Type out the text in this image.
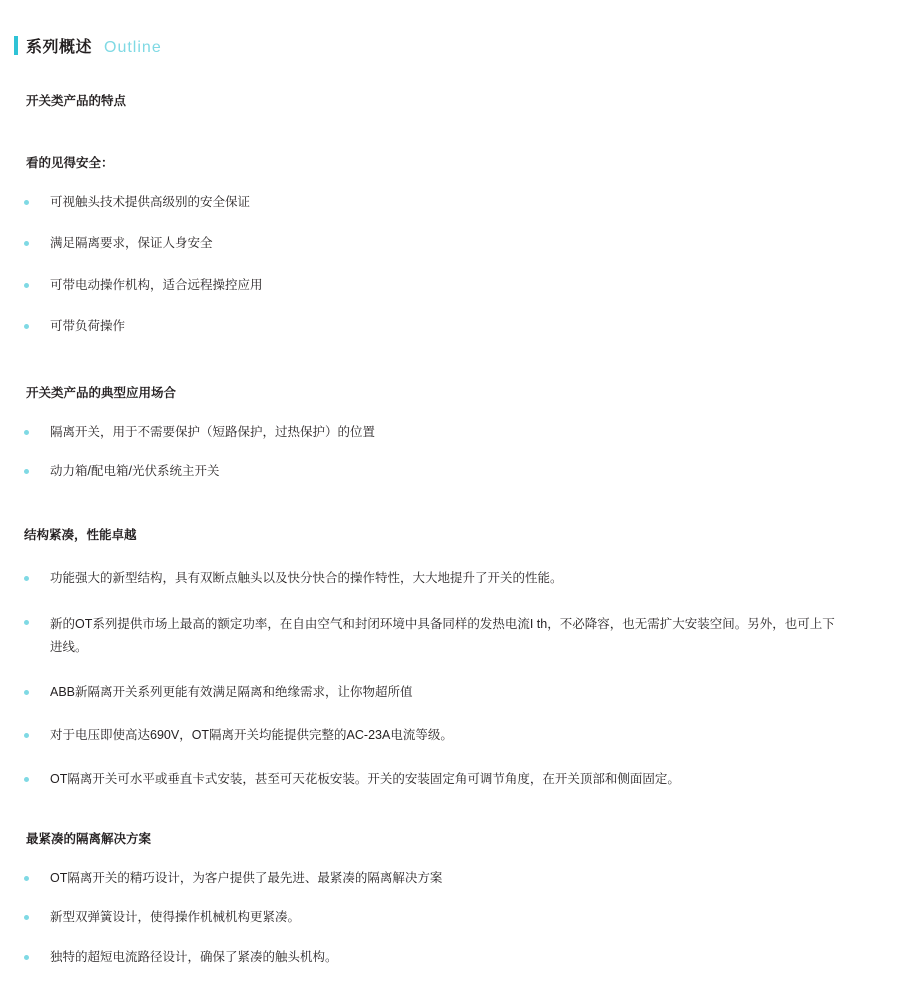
系列概述 Outline
开关类产品的特点
看的见得安全：
可视触头技术提供高级别的安全保证
满足隔离要求，保证人身安全
可带电动操作机构，适合远程操控应用
可带负荷操作
开关类产品的典型应用场合
隔离开关，用于不需要保护（短路保护，过热保护）的位置
动力箱/配电箱/光伏系统主开关
结构紧凑，性能卓越
功能强大的新型结构，具有双断点触头以及快分快合的操作特性，大大地提升了开关的性能。
新的OT系列提供市场上最高的额定功率，在自由空气和封闭环境中具备同样的发热电流I th，不必降容，也无需扩大安装空间。另外，也可上下进线。
ABB新隔离开关系列更能有效满足隔离和绝缘需求，让你物超所值
对于电压即使高达690V，OT隔离开关均能提供完整的AC-23A电流等级。
OT隔离开关可水平或垂直卡式安装，甚至可天花板安装。开关的安装固定角可调节角度，在开关顶部和侧面固定。
最紧凑的隔离解决方案
OT隔离开关的精巧设计，为客户提供了最先进、最紧凑的隔离解决方案
新型双弹簧设计，使得操作机械机构更紧凑。
独特的超短电流路径设计，确保了紧凑的触头机构。
